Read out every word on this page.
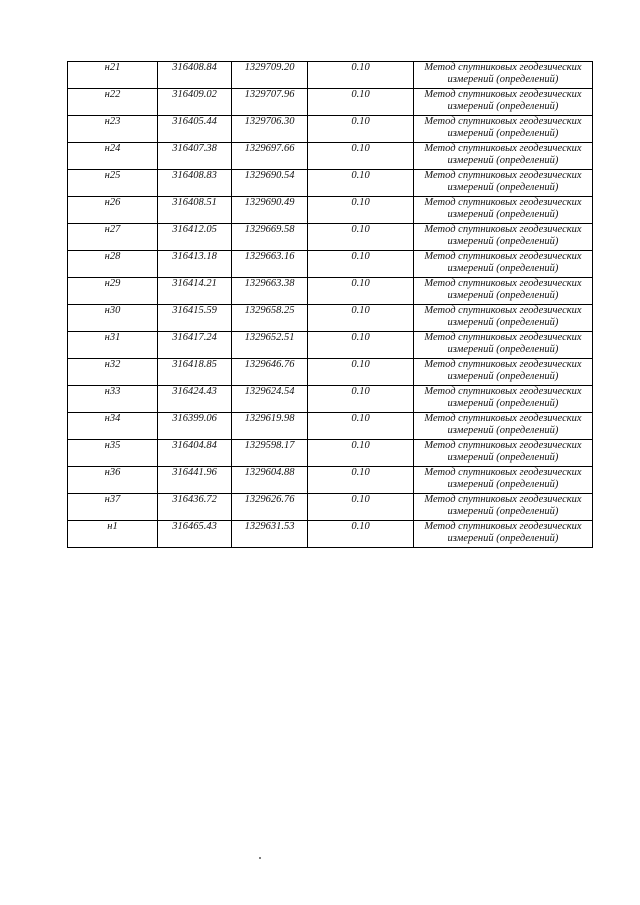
н21	316408.84	1329709.20	0.10	Метод спутниковых геодезических
измерений (определений)

н22	316409.02	1329707.96	0.10	Метод спутниковых геодезических
измерений (определений)

н23	316405.44	1329706.30	0.10	Метод спутниковых геодезических
измерений (определений)

н24	316407.38	1329697.66	0.10	Метод спутниковых геодезических
измерений (определений)

н25	316408.83	1329690.54	0.10	Метод спутниковых геодезических
измерений (определений)

н26	316408.51	1329690.49	0.10	Метод спутниковых геодезических
измерений (определений)

н27	316412.05	1329669.58	0.10	Метод спутниковых геодезических
измерений (определений)

н28	316413.18	1329663.16	0.10	Метод спутниковых геодезических
измерений (определений)

н29	316414.21	1329663.38	0.10	Метод спутниковых геодезических
измерений (определений)

н30	316415.59	1329658.25	0.10	Метод спутниковых геодезических
измерений (определений)

н31	316417.24	1329652.51	0.10	Метод спутниковых геодезических
измерений (определений)

н32	316418.85	1329646.76	0.10	Метод спутниковых геодезических
измерений (определений)

н33	316424.43	1329624.54	0.10	Метод спутниковых геодезических
измерений (определений)

н34	316399.06	1329619.98	0.10	Метод спутниковых геодезических
измерений (определений)

н35	316404.84	1329598.17	0.10	Метод спутниковых геодезических
измерений (определений)

н36	316441.96	1329604.88	0.10	Метод спутниковых геодезических
измерений (определений)

н37	316436.72	1329626.76	0.10	Метод спутниковых геодезических
измерений (определений)

н1	316465.43	1329631.53	0.10	Метод спутниковых геодезических
измерений (определений)
